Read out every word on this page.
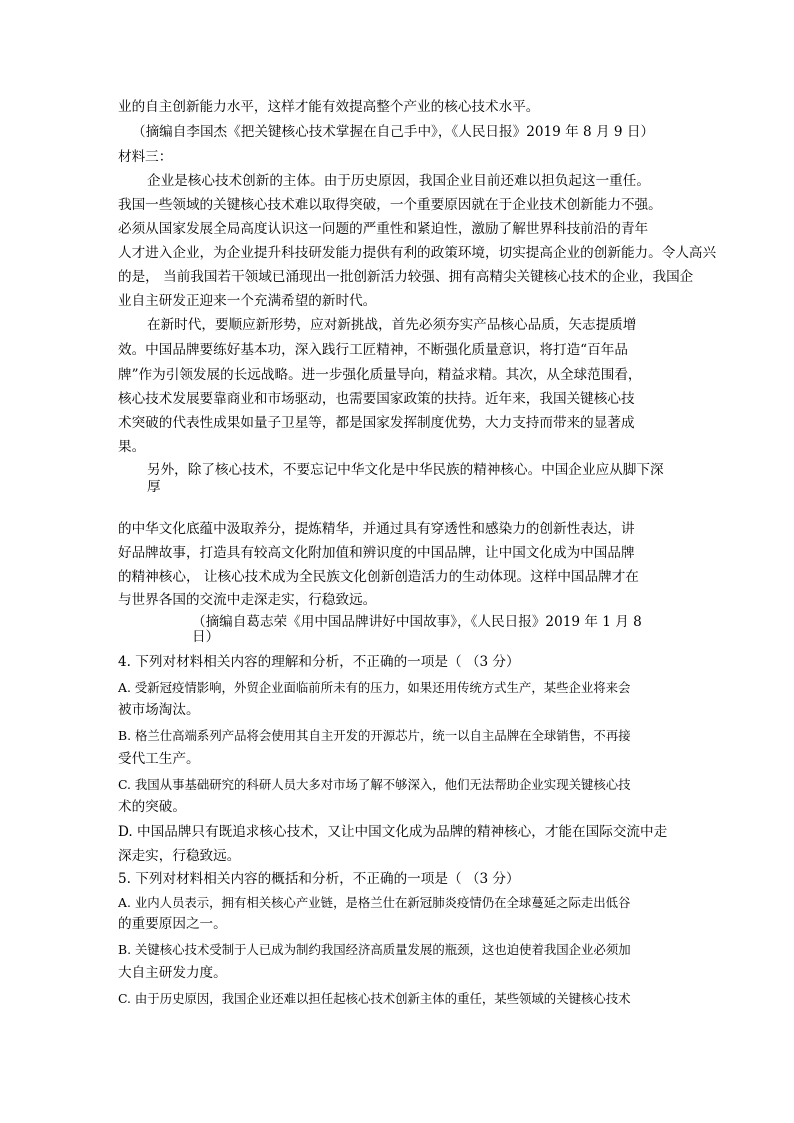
业的自主创新能力水平，这样才能有效提高整个产业的核心技术水平。
（摘编自李国杰《把关键核心技术掌握在自己手中》，《人民日报》2019 年 8 月 9 日）
材料三：
企业是核心技术创新的主体。由于历史原因，我国企业目前还难以担负起这一重任。
我国一些领域的关键核心技术难以取得突破，一个重要原因就在于企业技术创新能力不强。
必须从国家发展全局高度认识这一问题的严重性和紧迫性，激励了解世界科技前沿的青年
人才进入企业，为企业提升科技研发能力提供有利的政策环境，切实提高企业的创新能力。令人高兴
的是， 当前我国若干领域已涌现出一批创新活力较强、拥有高精尖关键核心技术的企业，我国企
业自主研发正迎来一个充满希望的新时代。
在新时代，要顺应新形势，应对新挑战，首先必须夯实产品核心品质，矢志提质增
效。中国品牌要练好基本功，深入践行工匠精神，不断强化质量意识，将打造“百年品
牌”作为引领发展的长远战略。进一步强化质量导向，精益求精。其次，从全球范围看，
核心技术发展要靠商业和市场驱动，也需要国家政策的扶持。近年来，我国关键核心技
术突破的代表性成果如量子卫星等，都是国家发挥制度优势，大力支持而带来的显著成
果。
另外，除了核心技术，不要忘记中华文化是中华民族的精神核心。中国企业应从脚下深
厚
的中华文化底蕴中汲取养分，提炼精华，并通过具有穿透性和感染力的创新性表达，讲
好品牌故事，打造具有较高文化附加值和辨识度的中国品牌，让中国文化成为中国品牌
的精神核心， 让核心技术成为全民族文化创新创造活力的生动体现。这样中国品牌才在
与世界各国的交流中走深走实，行稳致远。
（摘编自葛志荣《用中国品牌讲好中国故事》，《人民日报》2019 年 1 月 8
日）
4. 下列对材料相关内容的理解和分析，不正确的一项是（ （3 分）
A. 受新冠疫情影响，外贸企业面临前所未有的压力，如果还用传统方式生产，某些企业将来会
被市场淘汰。
B. 格兰仕高端系列产品将会使用其自主开发的开源芯片，统一以自主品牌在全球销售，不再接
受代工生产。
C. 我国从事基础研究的科研人员大多对市场了解不够深入，他们无法帮助企业实现关键核心技
术的突破。
D. 中国品牌只有既追求核心技术，又让中国文化成为品牌的精神核心，才能在国际交流中走
深走实，行稳致远。
5. 下列对材料相关内容的概括和分析，不正确的一项是（ （3 分）
A. 业内人员表示，拥有相关核心产业链，是格兰仕在新冠肺炎疫情仍在全球蔓延之际走出低谷
的重要原因之一。
B. 关键核心技术受制于人已成为制约我国经济高质量发展的瓶颈，这也迫使着我国企业必须加
大自主研发力度。
C. 由于历史原因，我国企业还难以担任起核心技术创新主体的重任，某些领域的关键核心技术
